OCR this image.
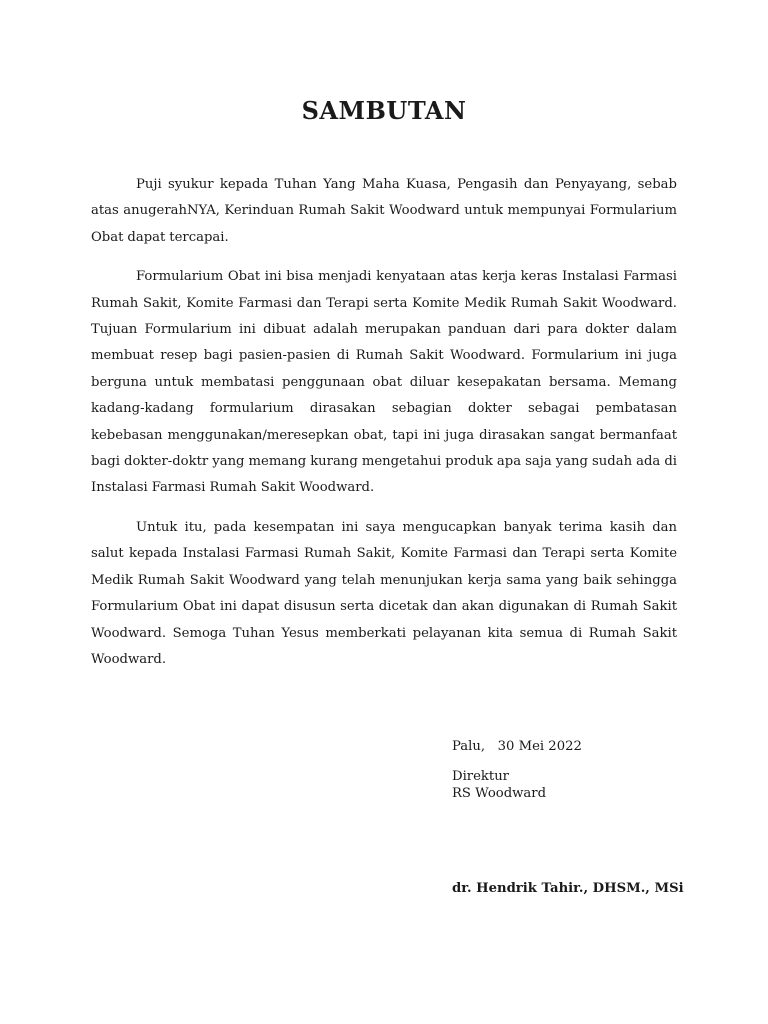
SAMBUTAN

Puji syukur kepada Tuhan Yang Maha Kuasa, Pengasih dan Penyayang, sebab atas anugerahNYA, Kerinduan Rumah Sakit Woodward untuk mempunyai Formularium Obat dapat tercapai.

Formularium Obat ini bisa menjadi kenyataan atas kerja keras Instalasi Farmasi Rumah Sakit, Komite Farmasi dan Terapi serta Komite Medik Rumah Sakit Woodward. Tujuan Formularium ini dibuat adalah merupakan panduan dari para dokter dalam membuat resep bagi pasien-pasien di Rumah Sakit Woodward. Formularium ini juga berguna untuk membatasi penggunaan obat diluar kesepakatan bersama. Memang kadang-kadang formularium dirasakan sebagian dokter sebagai pembatasan kebebasan menggunakan/meresepkan obat, tapi ini juga dirasakan sangat bermanfaat bagi dokter-doktr yang memang kurang mengetahui produk apa saja yang sudah ada di Instalasi Farmasi Rumah Sakit Woodward.

Untuk itu, pada kesempatan ini saya mengucapkan banyak terima kasih dan salut kepada Instalasi Farmasi Rumah Sakit, Komite Farmasi dan Terapi serta Komite Medik Rumah Sakit Woodward yang telah menunjukan kerja sama yang baik sehingga Formularium Obat ini dapat disusun serta dicetak dan akan digunakan di Rumah Sakit Woodward. Semoga Tuhan Yesus memberkati pelayanan kita semua di Rumah Sakit Woodward.

Palu,   30 Mei 2022
Direktur
RS Woodward
dr. Hendrik Tahir., DHSM., MSi
